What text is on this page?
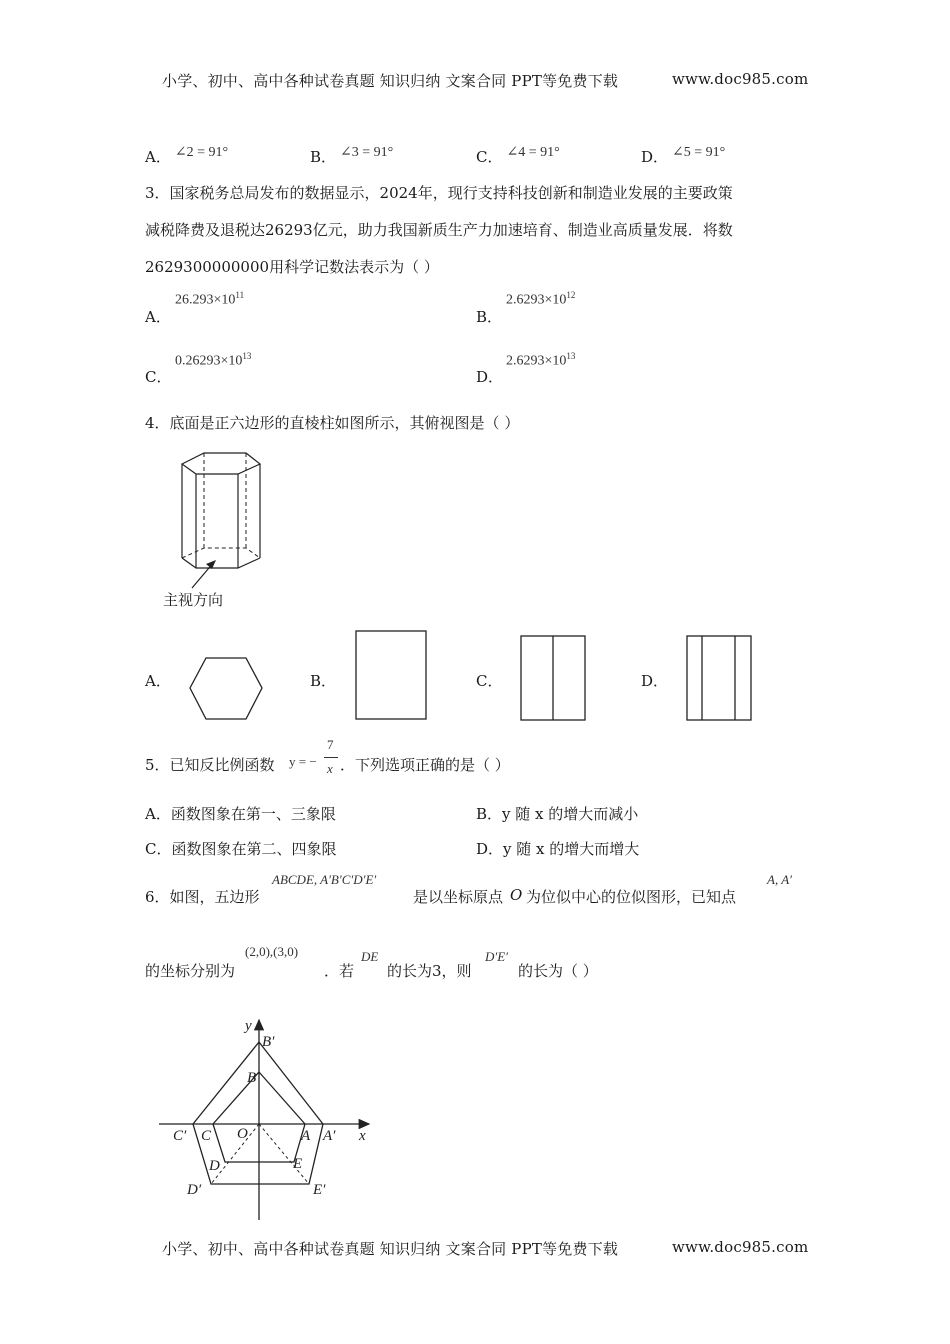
小学、初中、高中各种试卷真题 知识归纳 文案合同 PPT等免费下载	www.doc985.com
A． ∠2 = 91°	B． ∠3 = 91°	C． ∠4 = 91°	D． ∠5 = 91°
3．国家税务总局发布的数据显示，2024年，现行支持科技创新和制造业发展的主要政策
减税降费及退税达26293亿元，助力我国新质生产力加速培育、制造业高质量发展．将数
2629300000000用科学记数法表示为（ ）
A．
$26.293\times 10^{11}$
B．
$2.6293\times 10^{12}$
C．
$0.26293\times 10^{13}$
D．
$2.6293\times 10^{13}$
4．底面是正六边形的直棱柱如图所示，其俯视图是（ ）
主视方向
A．	B．	C．	D．
5．已知反比例函数 y = −
7
x ．下列选项正确的是（ ）
A．函数图象在第一、三象限	B．y 随 x 的增大而减小
C．函数图象在第二、四象限	D．y 随 x 的增大而增大
6．如图，五边形
ABCDE, A′B′C′D′E′
是以坐标原点 O 为位似中心的位似图形，已知点
A, A′
的坐标分别为
(2,0),(3,0)
．若
DE
的长为3，则
D′E′
的长为（ ）
y
x
B′
B
C′ C O	A A′
D	E
D′	E′
小学、初中、高中各种试卷真题 知识归纳 文案合同 PPT等免费下载	www.doc985.com
